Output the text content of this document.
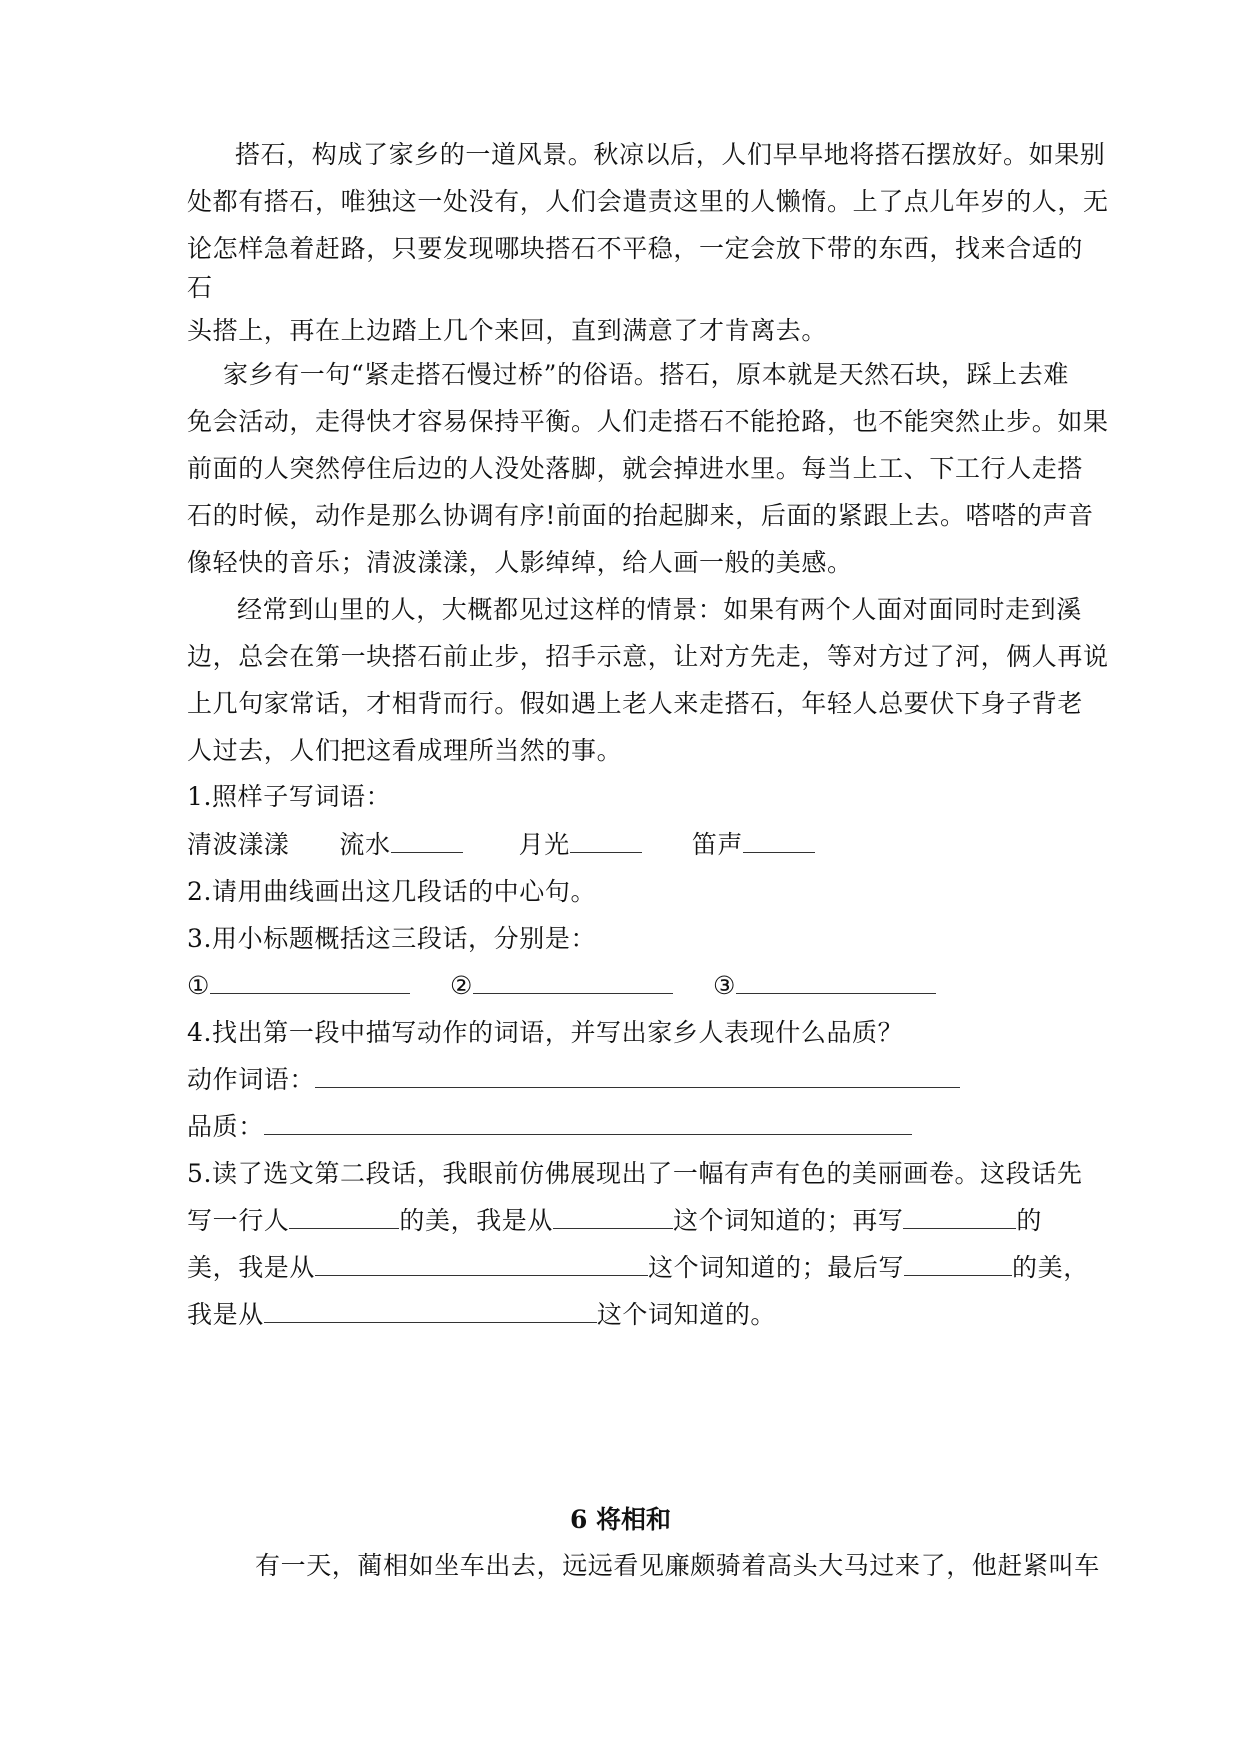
搭石，构成了家乡的一道风景。秋凉以后，人们早早地将搭石摆放好。如果别
处都有搭石，唯独这一处没有，人们会遣责这里的人懒惰。上了点儿年岁的人，无
论怎样急着赶路，只要发现哪块搭石不平稳，一定会放下带的东西，找来合适的
石
头搭上，再在上边踏上几个来回，直到满意了才肯离去。
家乡有一句“紧走搭石慢过桥”的俗语。搭石，原本就是天然石块，踩上去难
免会活动，走得快才容易保持平衡。人们走搭石不能抢路，也不能突然止步。如果
前面的人突然停住后边的人没处落脚，就会掉进水里。每当上工、下工行人走搭
石的时候，动作是那么协调有序!前面的抬起脚来，后面的紧跟上去。嗒嗒的声音
像轻快的音乐；清波漾漾，人影绰绰，给人画一般的美感。
经常到山里的人，大概都见过这样的情景：如果有两个人面对面同时走到溪
边，总会在第一块搭石前止步，招手示意，让对方先走，等对方过了河，俩人再说
上几句家常话，才相背而行。假如遇上老人来走搭石，年轻人总要伏下身子背老
人过去，人们把这看成理所当然的事。
1.照样子写词语：
清波漾漾 流水	月光	笛声
2.请用曲线画出这几段话的中心句。
3.用小标题概括这三段话，分别是：
①	②	③
4.找出第一段中描写动作的词语，并写出家乡人表现什么品质？
动作词语：
品质：
5.读了选文第二段话，我眼前仿佛展现出了一幅有声有色的美丽画卷。这段话先
写一行人	的美，我是从	这个词知道的；再写	的
美，我是从	这个词知道的；最后写	的美，
我是从	这个词知道的。
6 将相和
有一天，蔺相如坐车出去，远远看见廉颇骑着高头大马过来了，他赶紧叫车
